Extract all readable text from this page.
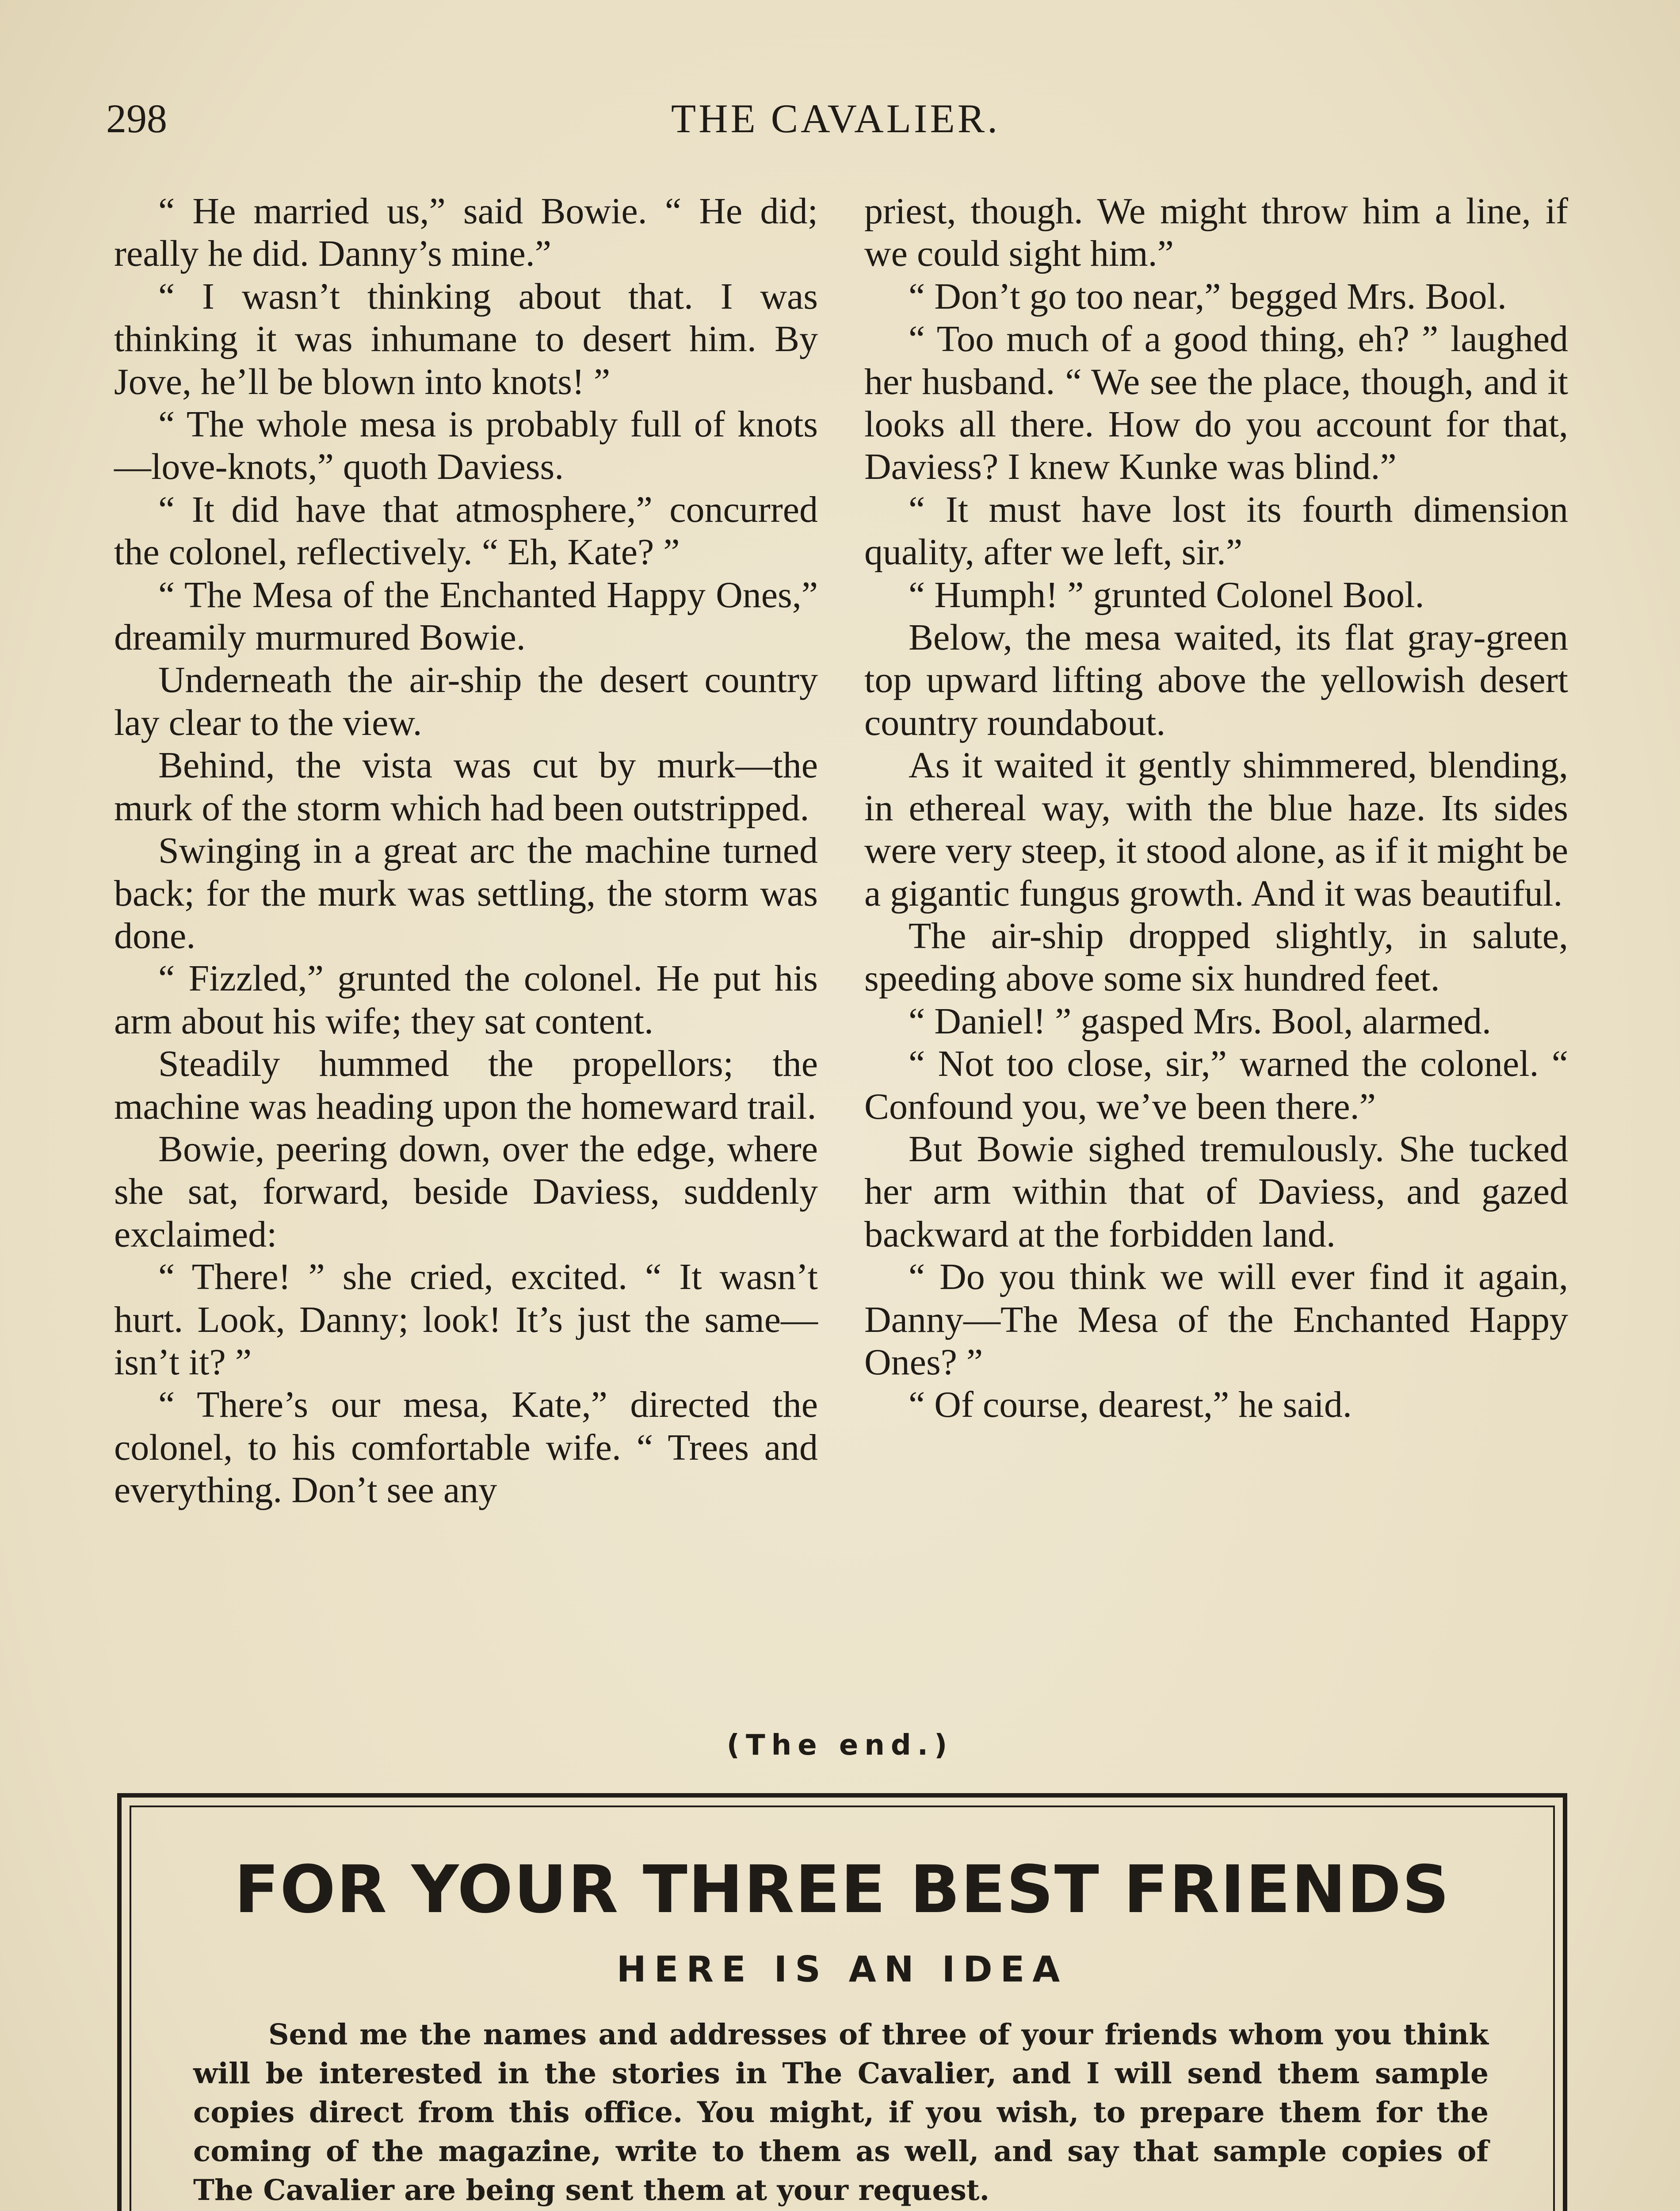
298	THE CAVALIER.

“ He married us,” said Bowie. “ He did; really he did. Danny’s mine.”

“ I wasn’t thinking about that. I was thinking it was inhumane to desert him. By Jove, he’ll be blown into knots! ”

“ The whole mesa is probably full of knots—love-knots,” quoth Daviess.

“ It did have that atmosphere,” concurred the colonel, reflectively. “ Eh, Kate? ”

“ The Mesa of the Enchanted Happy Ones,” dreamily murmured Bowie.

Underneath the air-ship the desert country lay clear to the view.

Behind, the vista was cut by murk—the murk of the storm which had been outstripped.

Swinging in a great arc the machine turned back; for the murk was settling, the storm was done.

“ Fizzled,” grunted the colonel. He put his arm about his wife; they sat content.

Steadily hummed the propellors; the machine was heading upon the homeward trail.

Bowie, peering down, over the edge, where she sat, forward, beside Daviess, suddenly exclaimed:

“ There! ” she cried, excited. “ It wasn’t hurt. Look, Danny; look! It’s just the same—isn’t it? ”

“ There’s our mesa, Kate,” directed the colonel, to his comfortable wife. “ Trees and everything. Don’t see any

priest, though. We might throw him a line, if we could sight him.”

“ Don’t go too near,” begged Mrs. Bool.

“ Too much of a good thing, eh? ” laughed her husband. “ We see the place, though, and it looks all there. How do you account for that, Daviess? I knew Kunke was blind.”

“ It must have lost its fourth dimension quality, after we left, sir.”

“ Humph! ” grunted Colonel Bool.

Below, the mesa waited, its flat gray-green top upward lifting above the yellowish desert country roundabout.

As it waited it gently shimmered, blending, in ethereal way, with the blue haze. Its sides were very steep, it stood alone, as if it might be a gigantic fungus growth. And it was beautiful.

The air-ship dropped slightly, in salute, speeding above some six hundred feet.

“ Daniel! ” gasped Mrs. Bool, alarmed.

“ Not too close, sir,” warned the colonel. “ Confound you, we’ve been there.”

But Bowie sighed tremulously. She tucked her arm within that of Daviess, and gazed backward at the forbidden land.

“ Do you think we will ever find it again, Danny—The Mesa of the Enchanted Happy Ones? ”

“ Of course, dearest,” he said.

(The end.)
FOR YOUR THREE BEST FRIENDS
HERE IS AN IDEA

Send me the names and addresses of three of your friends whom you think will be interested in the stories in The Cavalier, and I will send them sample copies direct from this office. You might, if you wish, to prepare them for the coming of the magazine, write to them as well, and say that sample copies of The Cavalier are being sent them at your request.
